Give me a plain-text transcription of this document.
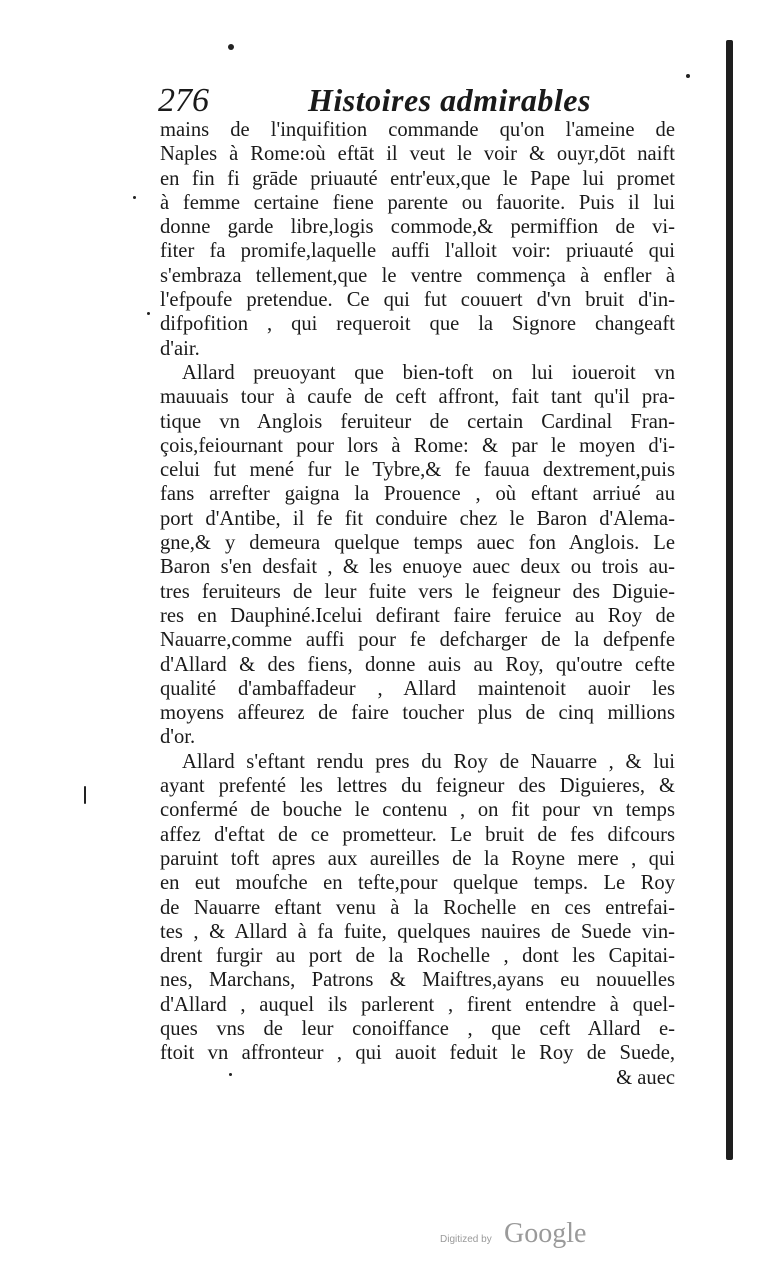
276	Histoires admirables
mains de l'inquifition commande qu'on l'ameine de
Naples à Rome:où eftāt il veut le voir & ouyr,dōt naift
en fin fi grāde priuauté entr'eux,que le Pape lui promet
à femme certaine fiene parente ou fauorite. Puis il lui
donne garde libre,logis commode,& permiffion de vi-
fiter fa promife,laquelle auffi l'alloit voir: priuauté qui
s'embraza tellement,que le ventre commença à enfler à
l'efpoufe pretendue. Ce qui fut couuert d'vn bruit d'in-
difpofition , qui requeroit que la Signore changeaft
d'air.
Allard preuoyant que bien-toft on lui ioueroit vn
mauuais tour à caufe de ceft affront, fait tant qu'il pra-
tique vn Anglois feruiteur de certain Cardinal Fran-
çois,feiournant pour lors à Rome: & par le moyen d'i-
celui fut mené fur le Tybre,& fe fauua dextrement,puis
fans arrefter gaigna la Prouence , où eftant arriué au
port d'Antibe, il fe fit conduire chez le Baron d'Alema-
gne,& y demeura quelque temps auec fon Anglois. Le
Baron s'en desfait , & les enuoye auec deux ou trois au-
tres feruiteurs de leur fuite vers le feigneur des Diguie-
res en Dauphiné.Icelui defirant faire feruice au Roy de
Nauarre,comme auffi pour fe defcharger de la defpenfe
d'Allard & des fiens, donne auis au Roy, qu'outre cefte
qualité d'ambaffadeur , Allard maintenoit auoir les
moyens affeurez de faire toucher plus de cinq millions
d'or.
Allard s'eftant rendu pres du Roy de Nauarre , & lui
ayant prefenté les lettres du feigneur des Diguieres, &
confermé de bouche le contenu , on fit pour vn temps
affez d'eftat de ce prometteur. Le bruit de fes difcours
paruint toft apres aux aureilles de la Royne mere , qui
en eut moufche en tefte,pour quelque temps. Le Roy
de Nauarre eftant venu à la Rochelle en ces entrefai-
tes , & Allard à fa fuite, quelques nauires de Suede vin-
drent furgir au port de la Rochelle , dont les Capitai-
nes, Marchans, Patrons & Maiftres,ayans eu nouuelles
d'Allard , auquel ils parlerent , firent entendre à quel-
ques vns de leur conoiffance , que ceft Allard e-
ftoit vn affronteur , qui auoit feduit le Roy de Suede,
& auec
Digitized by Google
